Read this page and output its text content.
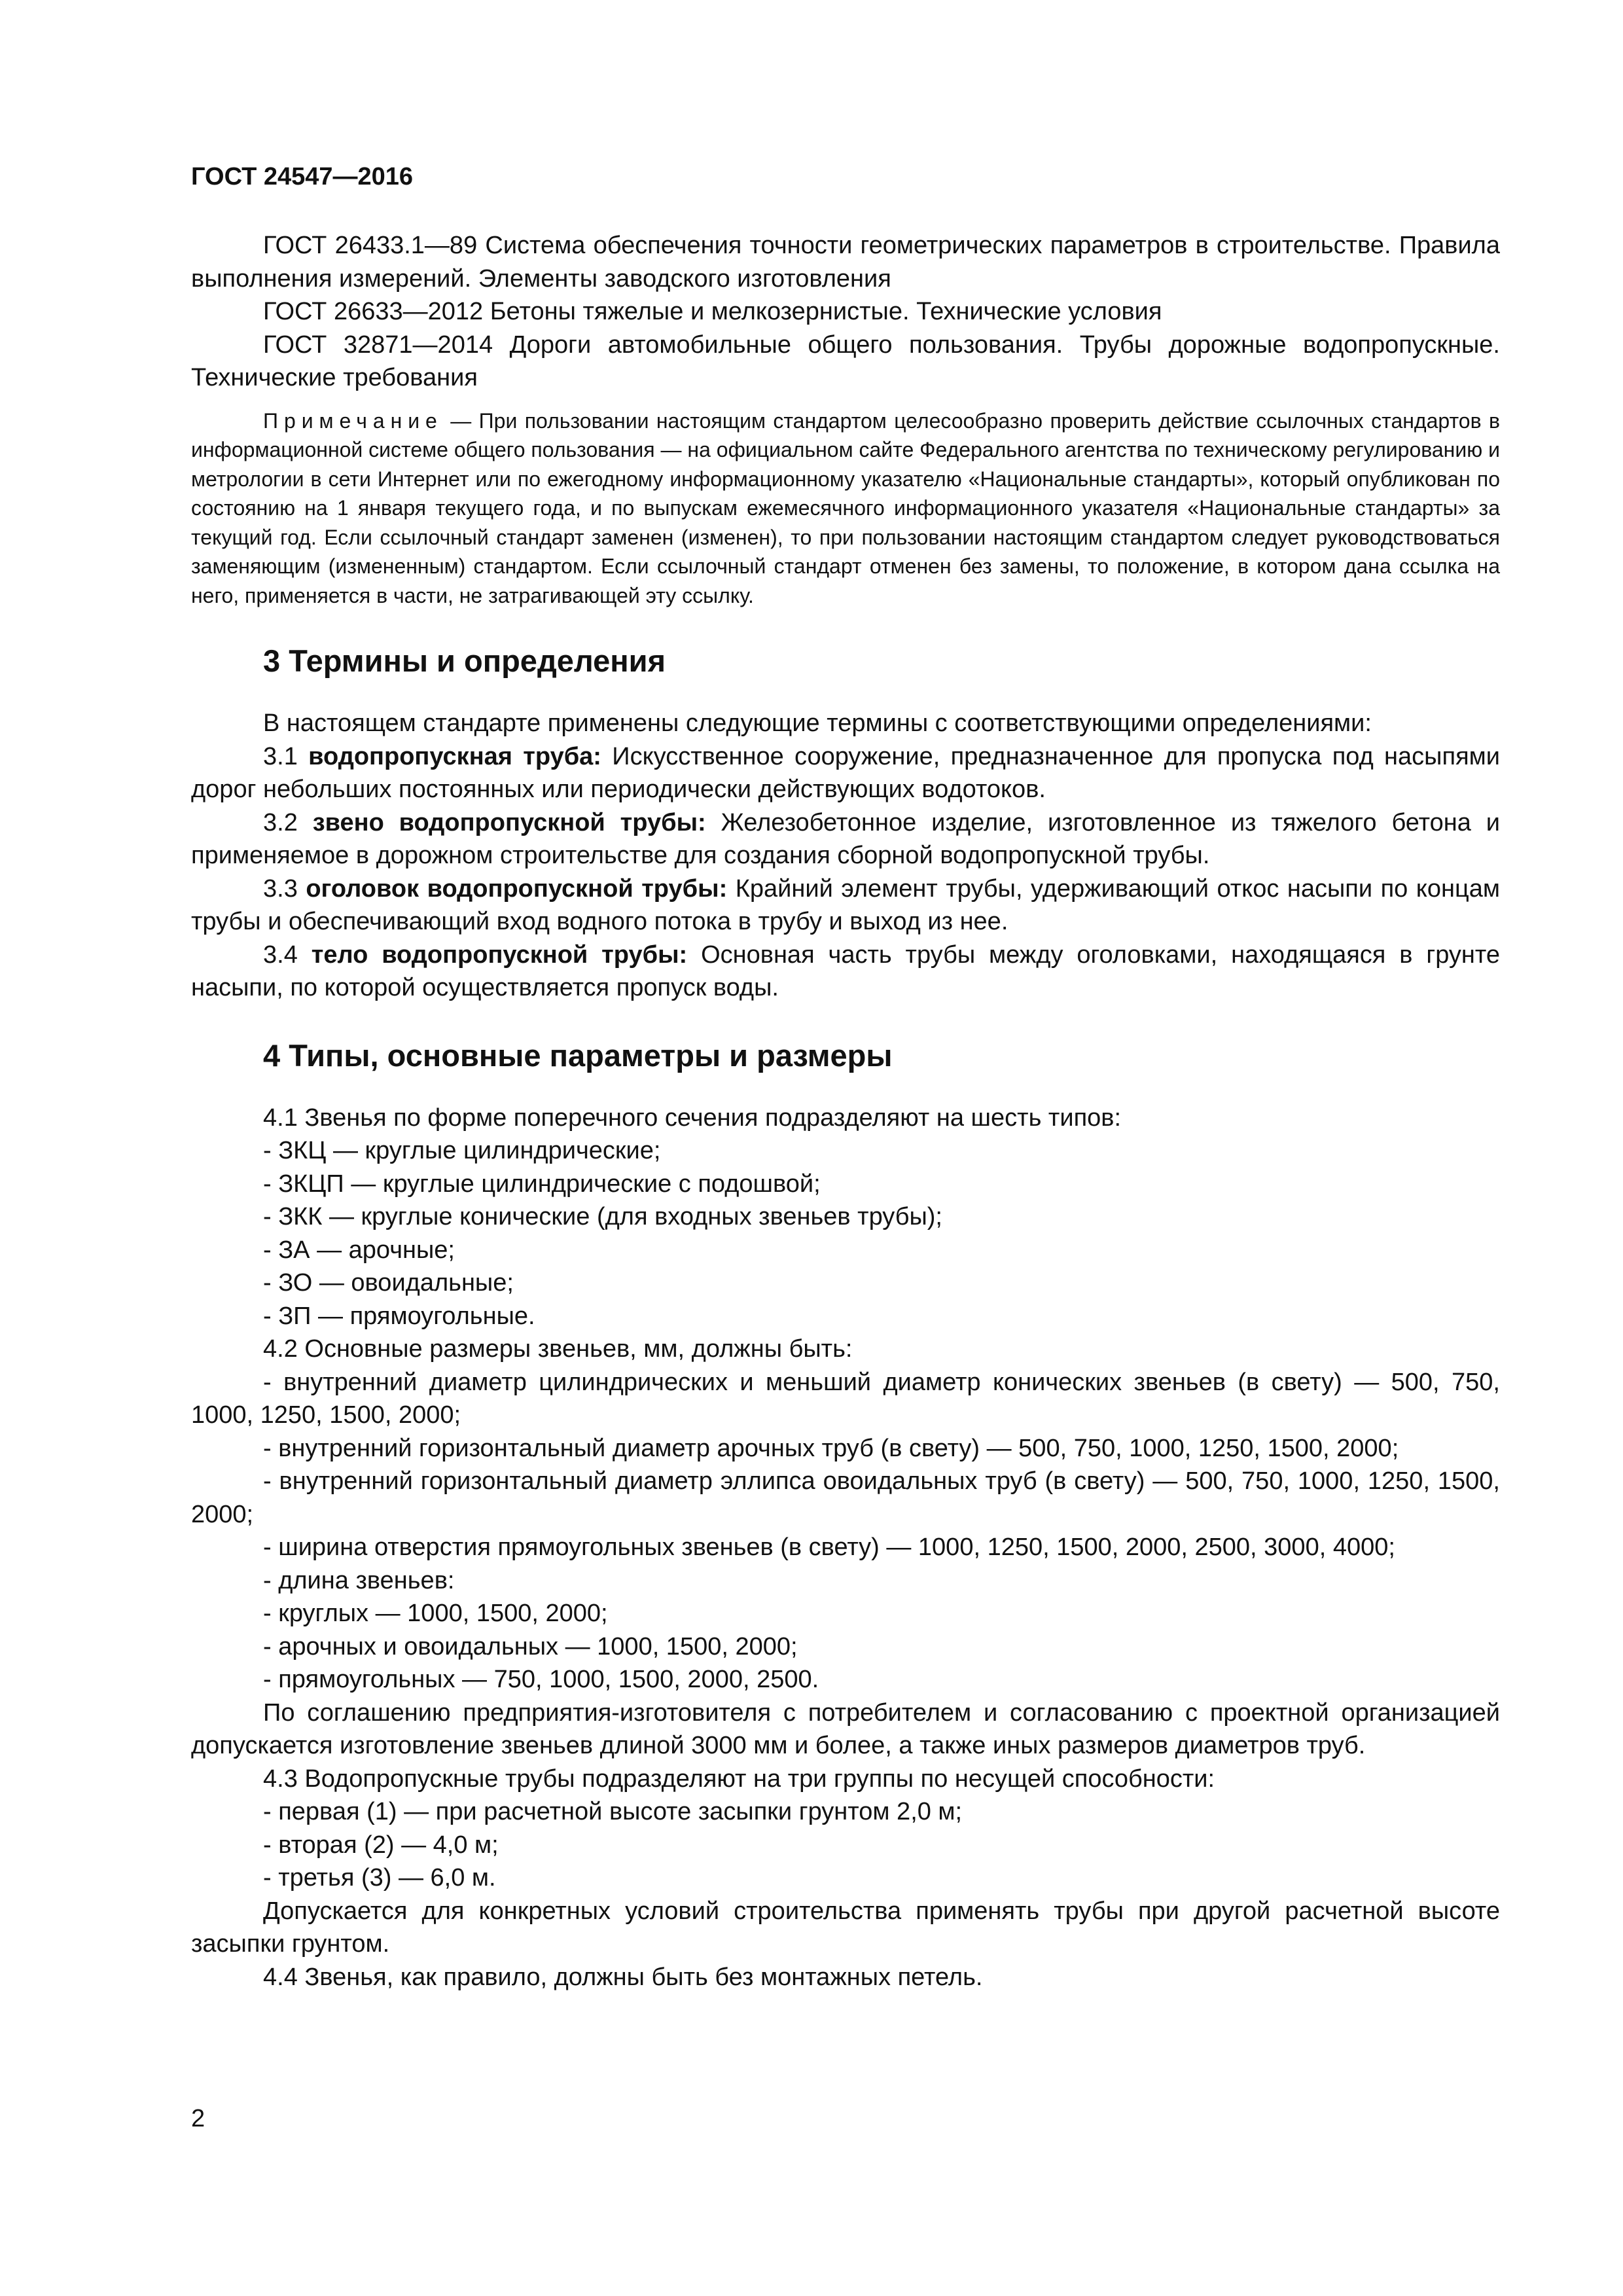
ГОСТ 24547—2016

ГОСТ 26433.1—89 Система обеспечения точности геометрических параметров в строительстве. Правила выполнения измерений. Элементы заводского изготовления

ГОСТ 26633—2012 Бетоны тяжелые и мелкозернистые. Технические условия

ГОСТ 32871—2014 Дороги автомобильные общего пользования. Трубы дорожные водопропускные. Технические требования

Примечание — При пользовании настоящим стандартом целесообразно проверить действие ссылочных стандартов в информационной системе общего пользования — на официальном сайте Федерального агентства по техническому регулированию и метрологии в сети Интернет или по ежегодному информационному указателю «Национальные стандарты», который опубликован по состоянию на 1 января текущего года, и по выпускам ежемесячного информационного указателя «Национальные стандарты» за текущий год. Если ссылочный стандарт заменен (изменен), то при пользовании настоящим стандартом следует руководствоваться заменяющим (измененным) стандартом. Если ссылочный стандарт отменен без замены, то положение, в котором дана ссылка на него, применяется в части, не затрагивающей эту ссылку.

3 Термины и определения

В настоящем стандарте применены следующие термины с соответствующими определениями:

3.1 водопропускная труба: Искусственное сооружение, предназначенное для пропуска под насыпями дорог небольших постоянных или периодически действующих водотоков.

3.2 звено водопропускной трубы: Железобетонное изделие, изготовленное из тяжелого бетона и применяемое в дорожном строительстве для создания сборной водопропускной трубы.

3.3 оголовок водопропускной трубы: Крайний элемент трубы, удерживающий откос насыпи по концам трубы и обеспечивающий вход водного потока в трубу и выход из нее.

3.4 тело водопропускной трубы: Основная часть трубы между оголовками, находящаяся в грунте насыпи, по которой осуществляется пропуск воды.

4 Типы, основные параметры и размеры

4.1 Звенья по форме поперечного сечения подразделяют на шесть типов:

- ЗКЦ — круглые цилиндрические;

- ЗКЦП — круглые цилиндрические с подошвой;

- ЗКК — круглые конические (для входных звеньев трубы);

- ЗА — арочные;

- ЗО — овоидальные;

- ЗП — прямоугольные.

4.2 Основные размеры звеньев, мм, должны быть:

- внутренний диаметр цилиндрических и меньший диаметр конических звеньев (в свету) — 500, 750, 1000, 1250, 1500, 2000;

- внутренний горизонтальный диаметр арочных труб (в свету) — 500, 750, 1000, 1250, 1500, 2000;

- внутренний горизонтальный диаметр эллипса овоидальных труб (в свету) — 500, 750, 1000, 1250, 1500, 2000;

- ширина отверстия прямоугольных звеньев (в свету) — 1000, 1250, 1500, 2000, 2500, 3000, 4000;

- длина звеньев:

- круглых — 1000, 1500, 2000;

- арочных и овоидальных — 1000, 1500, 2000;

- прямоугольных — 750, 1000, 1500, 2000, 2500.

По соглашению предприятия-изготовителя с потребителем и согласованию с проектной организацией допускается изготовление звеньев длиной 3000 мм и более, а также иных размеров диаметров труб.

4.3 Водопропускные трубы подразделяют на три группы по несущей способности:

- первая (1) — при расчетной высоте засыпки грунтом 2,0 м;

- вторая (2) — 4,0 м;

- третья (3) — 6,0 м.

Допускается для конкретных условий строительства применять трубы при другой расчетной высоте засыпки грунтом.

4.4 Звенья, как правило, должны быть без монтажных петель.

2
